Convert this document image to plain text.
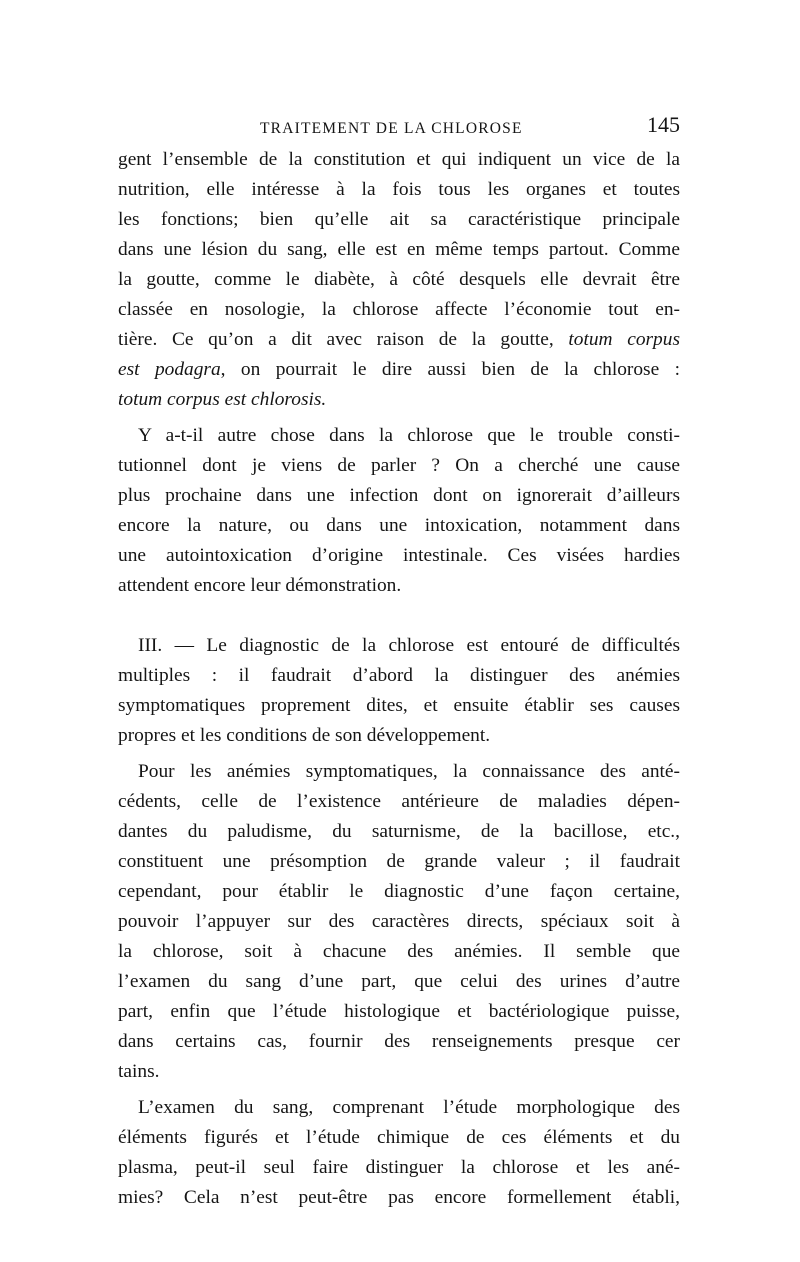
TRAITEMENT DE LA CHLOROSE	145
gent l’ensemble de la constitution et qui indiquent un vice de la
nutrition, elle intéresse à la fois tous les organes et toutes
les fonctions; bien qu’elle ait sa caractéristique principale
dans une lésion du sang, elle est en même temps partout. Comme
la goutte, comme le diabète, à côté desquels elle devrait être
classée en nosologie, la chlorose affecte l’économie tout en-
tière. Ce qu’on a dit avec raison de la goutte, totum corpus
est podagra, on pourrait le dire aussi bien de la chlorose :
totum corpus est chlorosis.
Y a-t-il autre chose dans la chlorose que le trouble consti-
tutionnel dont je viens de parler ? On a cherché une cause
plus prochaine dans une infection dont on ignorerait d’ailleurs
encore la nature, ou dans une intoxication, notamment dans
une autointoxication d’origine intestinale. Ces visées hardies
attendent encore leur démonstration.
III. — Le diagnostic de la chlorose est entouré de difficultés
multiples : il faudrait d’abord la distinguer des anémies
symptomatiques proprement dites, et ensuite établir ses causes
propres et les conditions de son développement.
Pour les anémies symptomatiques, la connaissance des anté-
cédents, celle de l’existence antérieure de maladies dépen-
dantes du paludisme, du saturnisme, de la bacillose, etc.,
constituent une présomption de grande valeur ; il faudrait
cependant, pour établir le diagnostic d’une façon certaine,
pouvoir l’appuyer sur des caractères directs, spéciaux soit à
la chlorose, soit à chacune des anémies. Il semble que
l’examen du sang d’une part, que celui des urines d’autre
part, enfin que l’étude histologique et bactériologique puisse,
dans certains cas, fournir des renseignements presque cer
tains.
L’examen du sang, comprenant l’étude morphologique des
éléments figurés et l’étude chimique de ces éléments et du
plasma, peut-il seul faire distinguer la chlorose et les ané-
mies? Cela n’est peut-être pas encore formellement établi,
